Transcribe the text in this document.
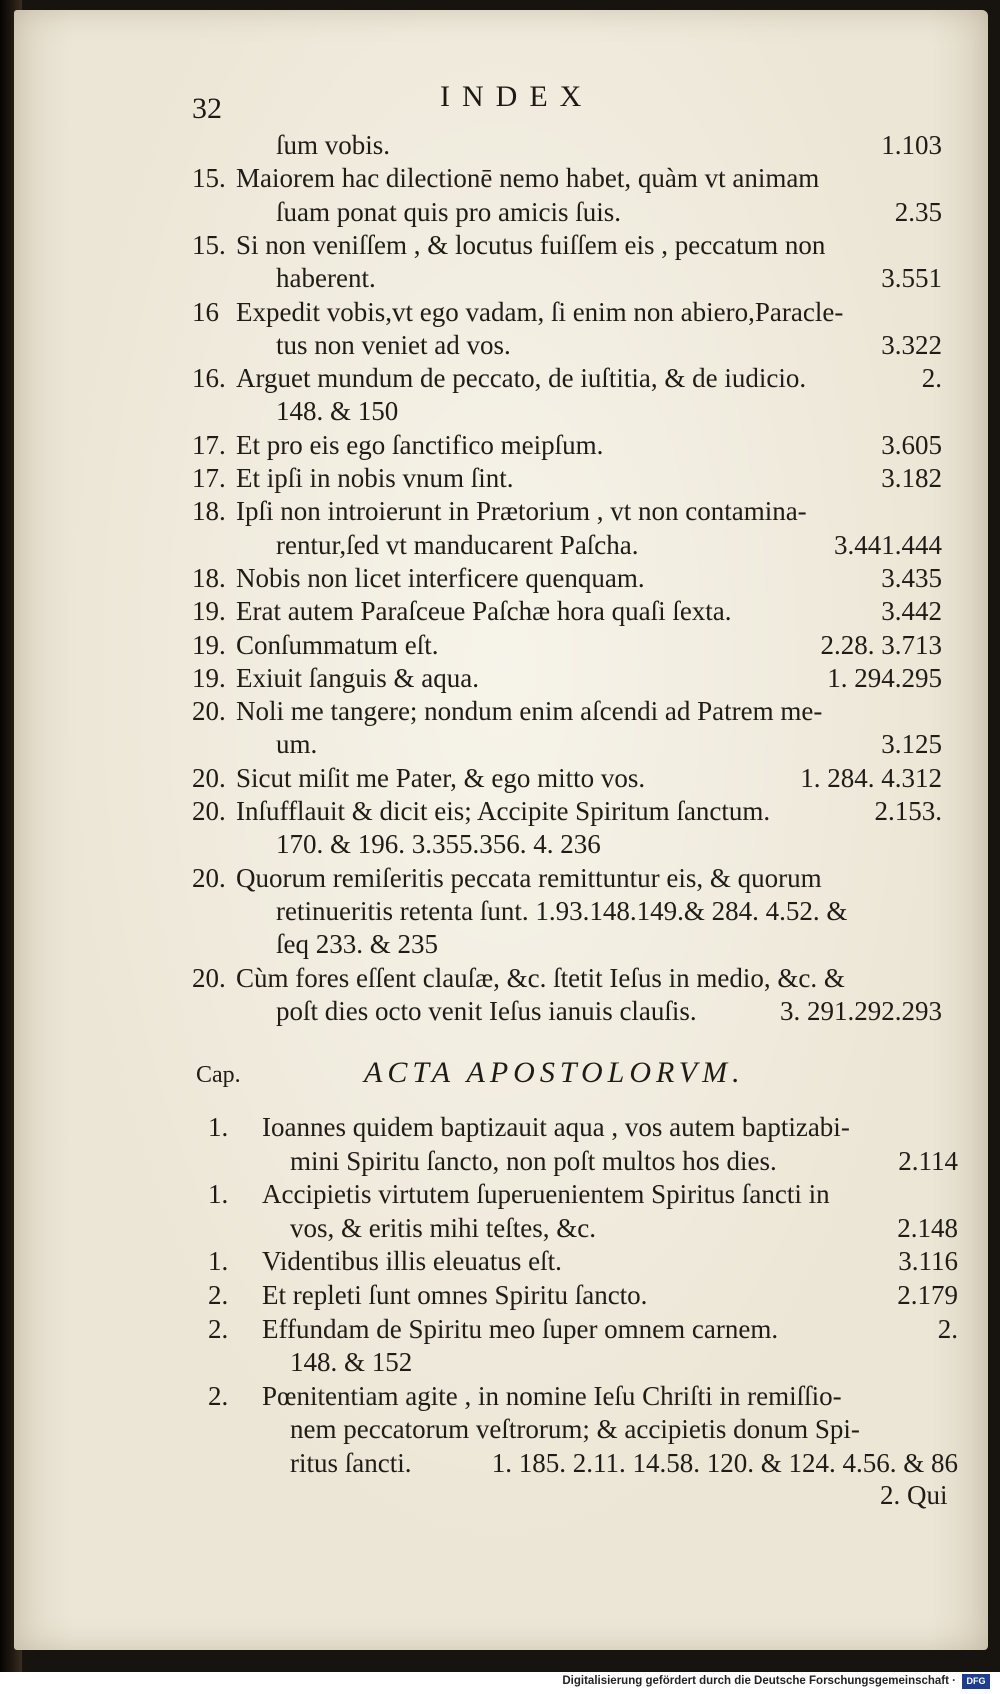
32	INDEX
ſum vobis.	1.103
15. Maiorem hac dilectionē nemo habet, quàm vt animam
ſuam ponat quis pro amicis ſuis.	2.35
15. Si non veniſſem , & locutus fuiſſem eis , peccatum non
haberent.	3.551
16 Expedit vobis,vt ego vadam, ſi enim non abiero,Paracle-
tus non veniet ad vos.	3.322
16. Arguet mundum de peccato, de iuſtitia, & de iudicio.	2.
148. & 150
17. Et pro eis ego ſanctifico meipſum.	3.605
17. Et ipſi in nobis vnum ſint.	3.182
18. Ipſi non introierunt in Prætorium , vt non contamina-
rentur,ſed vt manducarent Paſcha.	3.441.444
18. Nobis non licet interficere quenquam.	3.435
19. Erat autem Paraſceue Paſchæ hora quaſi ſexta.	3.442
19. Conſummatum eſt.	2.28. 3.713
19. Exiuit ſanguis & aqua.	1. 294.295
20. Noli me tangere; nondum enim aſcendi ad Patrem me-
um.	3.125
20. Sicut miſit me Pater, & ego mitto vos.	1. 284. 4.312
20. Inſufflauit & dicit eis; Accipite Spiritum ſanctum.	2.153.
170. & 196. 3.355.356. 4. 236
20. Quorum remiſeritis peccata remittuntur eis, & quorum
retinueritis retenta ſunt. 1.93.148.149.& 284. 4.52. &
ſeq 233. & 235
20. Cùm fores eſſent clauſæ, &c. ſtetit Ieſus in medio, &c. &
poſt dies octo venit Ieſus ianuis clauſis.	3. 291.292.293
Cap.	ACTA APOSTOLORVM.
1. Ioannes quidem baptizauit aqua , vos autem baptizabi-
mini Spiritu ſancto, non poſt multos hos dies.	2.114
1. Accipietis virtutem ſuperuenientem Spiritus ſancti in
vos, & eritis mihi teſtes, &c.	2.148
1. Videntibus illis eleuatus eſt.	3.116
2. Et repleti ſunt omnes Spiritu ſancto.	2.179
2. Effundam de Spiritu meo ſuper omnem carnem.	2.
148. & 152
2. Pœnitentiam agite , in nomine Ieſu Chriſti in remiſſio-
nem peccatorum veſtrorum; & accipietis donum Spi-
ritus ſancti.	1. 185. 2.11. 14.58. 120. & 124. 4.56. & 86
2. Qui
Digitalisierung gefördert durch die Deutsche Forschungsgemeinschaft ·	DFG
